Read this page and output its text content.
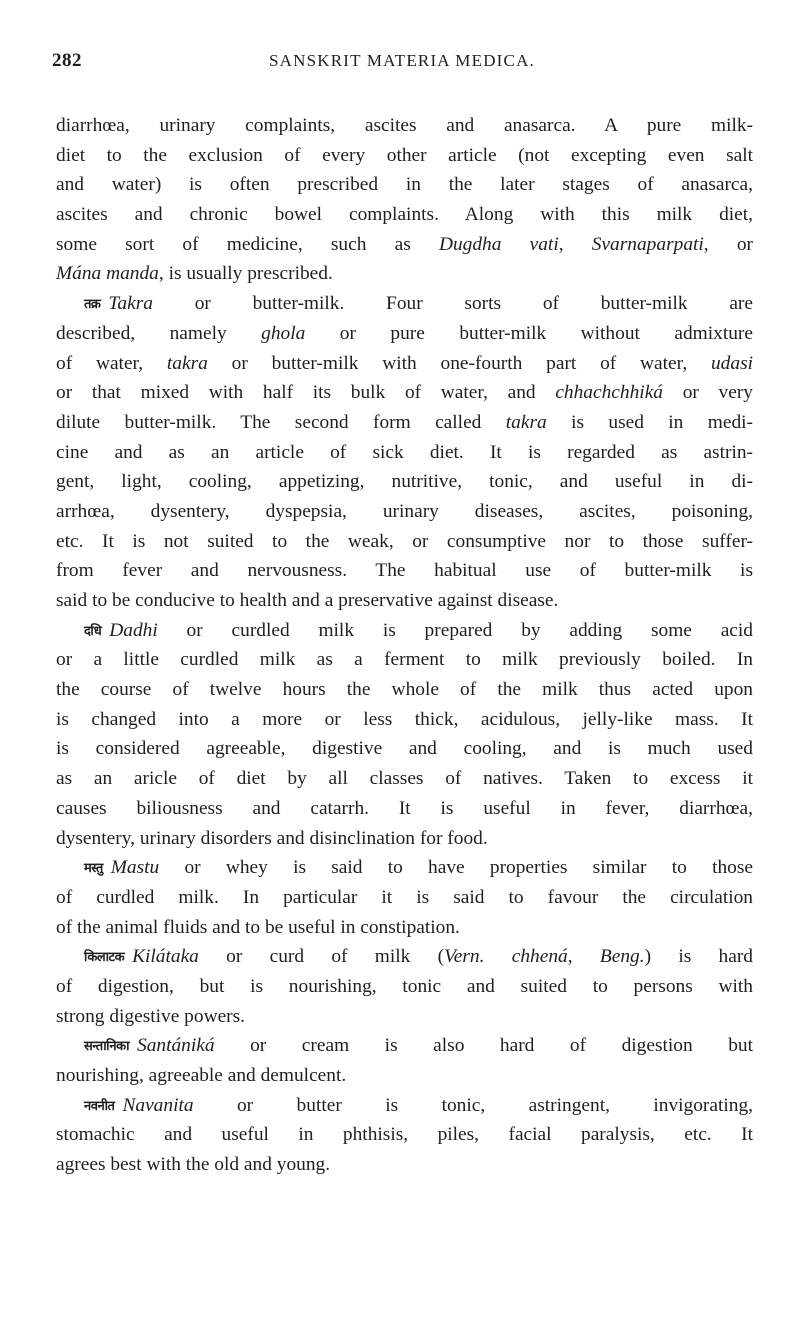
282	SANSKRIT MATERIA MEDICA.
diarrhœa, urinary complaints, ascites and anasarca. A pure milk-
diet to the exclusion of every other article (not excepting even salt
and water) is often prescribed in the later stages of anasarca,
ascites and chronic bowel complaints. Along with this milk diet,
some sort of medicine, such as Dugdha vati, Svarnaparpati, or
Mána manda, is usually prescribed.
तक्र Takra or butter-milk. Four sorts of butter-milk are
described, namely ghola or pure butter-milk without admixture
of water, takra or butter-milk with one-fourth part of water, udasi
or that mixed with half its bulk of water, and chhachchhiká or very
dilute butter-milk. The second form called takra is used in medi-
cine and as an article of sick diet. It is regarded as astrin-
gent, light, cooling, appetizing, nutritive, tonic, and useful in di-
arrhœa, dysentery, dyspepsia, urinary diseases, ascites, poisoning,
etc. It is not suited to the weak, or consumptive nor to those suffer-
from fever and nervousness. The habitual use of butter-milk is
said to be conducive to health and a preservative against disease.
दधि Dadhi or curdled milk is prepared by adding some acid
or a little curdled milk as a ferment to milk previously boiled. In
the course of twelve hours the whole of the milk thus acted upon
is changed into a more or less thick, acidulous, jelly-like mass. It
is considered agreeable, digestive and cooling, and is much used
as an aricle of diet by all classes of natives. Taken to excess it
causes biliousness and catarrh. It is useful in fever, diarrhœa,
dysentery, urinary disorders and disinclination for food.
मस्तु Mastu or whey is said to have properties similar to those
of curdled milk. In particular it is said to favour the circulation
of the animal fluids and to be useful in constipation.
किलाटक Kilátaka or curd of milk (Vern. chhená, Beng.) is hard
of digestion, but is nourishing, tonic and suited to persons with
strong digestive powers.
सन्तानिका Santániká or cream is also hard of digestion but
nourishing, agreeable and demulcent.
नवनीत Navanita or butter is tonic, astringent, invigorating,
stomachic and useful in phthisis, piles, facial paralysis, etc. It
agrees best with the old and young.
